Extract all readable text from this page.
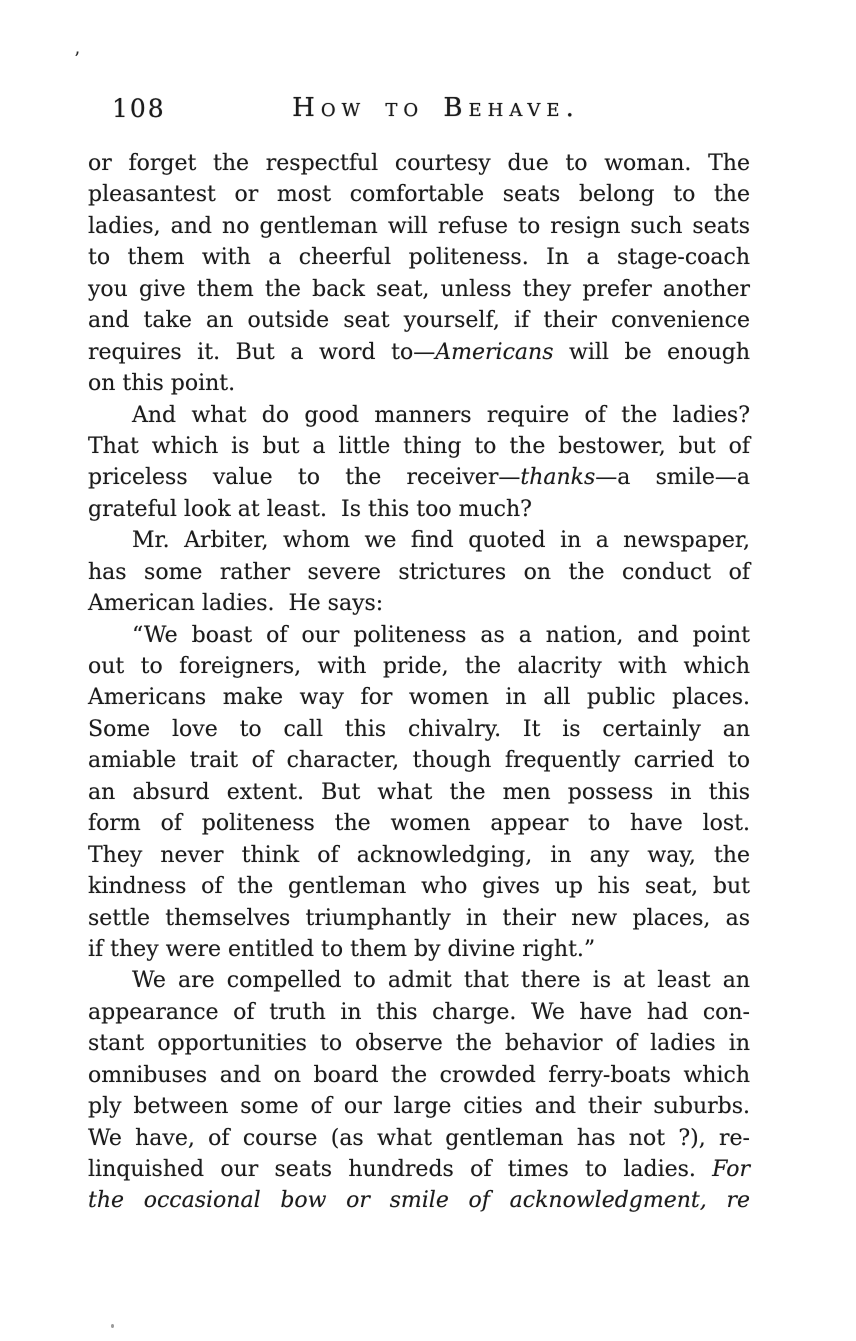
’
108	How to Behave.
or forget the respectful courtesy due to woman. The
pleasantest or most comfortable seats belong to the
ladies, and no gentleman will refuse to resign such seats
to them with a cheerful politeness. In a stage-coach
you give them the back seat, unless they prefer another
and take an outside seat yourself, if their convenience
requires it. But a word to—Americans will be enough
on this point.
And what do good manners require of the ladies?
That which is but a little thing to the bestower, but of
priceless value to the receiver—thanks—a smile—a
grateful look at least.  Is this too much?
Mr. Arbiter, whom we find quoted in a newspaper,
has some rather severe strictures on the conduct of
American ladies.  He says:
“We boast of our politeness as a nation, and point
out to foreigners, with pride, the alacrity with which
Americans make way for women in all public places.
Some love to call this chivalry. It is certainly an
amiable trait of character, though frequently carried to
an absurd extent. But what the men possess in this
form of politeness the women appear to have lost.
They never think of acknowledging, in any way, the
kindness of the gentleman who gives up his seat, but
settle themselves triumphantly in their new places, as
if they were entitled to them by divine right.”
We are compelled to admit that there is at least an
appearance of truth in this charge. We have had con-
stant opportunities to observe the behavior of ladies in
omnibuses and on board the crowded ferry-boats which
ply between some of our large cities and their suburbs.
We have, of course (as what gentleman has not ?), re-
linquished our seats hundreds of times to ladies. For
the occasional bow or smile of acknowledgment, re
